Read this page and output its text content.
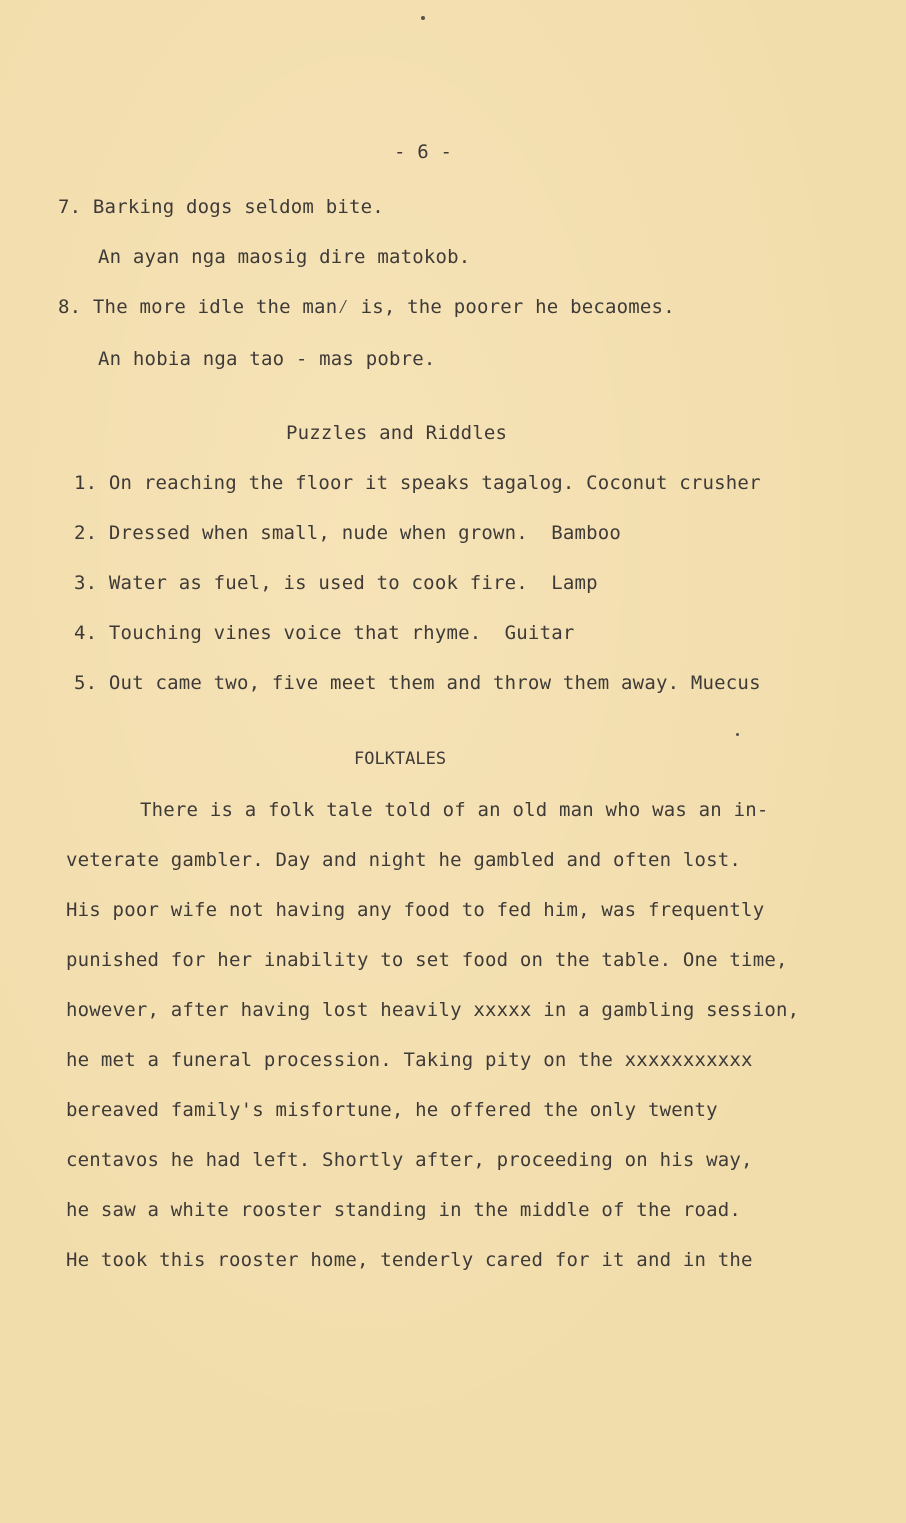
- 6 -
7. Barking dogs seldom bite.
An ayan nga maosig dire matokob.
8. The more idle the man⁄ is, the poorer he becaomes.
An hobia nga tao - mas pobre.
Puzzles and Riddles
1. On reaching the floor it speaks tagalog. Coconut crusher
2. Dressed when small, nude when grown. Bamboo
3. Water as fuel, is used to cook fire. Lamp
4. Touching vines voice that rhyme. Guitar
5. Out came two, five meet them and throw them away. Muecus
FOLKTALES
There is a folk tale told of an old man who was an in-
veterate gambler. Day and night he gambled and often lost.
His poor wife not having any food to fed him, was frequently
punished for her inability to set food on the table. One time,
however, after having lost heavily xxxxx in a gambling session,
he met a funeral procession. Taking pity on the xxxxxxxxxxx
bereaved family's misfortune, he offered the only twenty
centavos he had left. Shortly after, proceeding on his way,
he saw a white rooster standing in the middle of the road.
He took this rooster home, tenderly cared for it and in the
